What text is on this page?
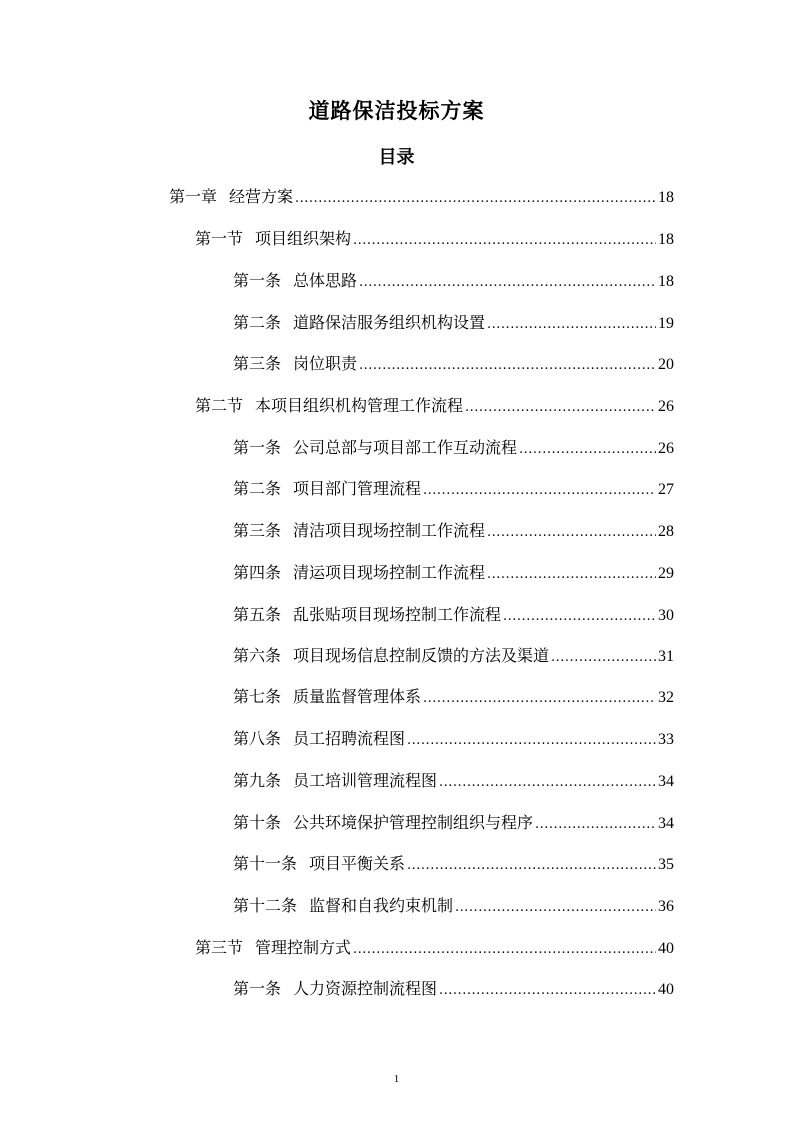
道路保洁投标方案
目录
第一章 经营方案 .....	18
第一节 项目组织架构 .....	18
第一条 总体思路 .....	18
第二条 道路保洁服务组织机构设置 .....	19
第三条 岗位职责 .....	20
第二节 本项目组织机构管理工作流程 .....	26
第一条 公司总部与项目部工作互动流程 .....	26
第二条 项目部门管理流程 .....	27
第三条 清洁项目现场控制工作流程 .....	28
第四条 清运项目现场控制工作流程 .....	29
第五条 乱张贴项目现场控制工作流程 .....	30
第六条 项目现场信息控制反馈的方法及渠道 .....	31
第七条 质量监督管理体系 .....	32
第八条 员工招聘流程图 .....	33
第九条 员工培训管理流程图 .....	34
第十条 公共环境保护管理控制组织与程序 .....	34
第十一条 项目平衡关系 .....	35
第十二条 监督和自我约束机制 .....	36
第三节 管理控制方式 .....	40
第一条 人力资源控制流程图 .....	40
1
